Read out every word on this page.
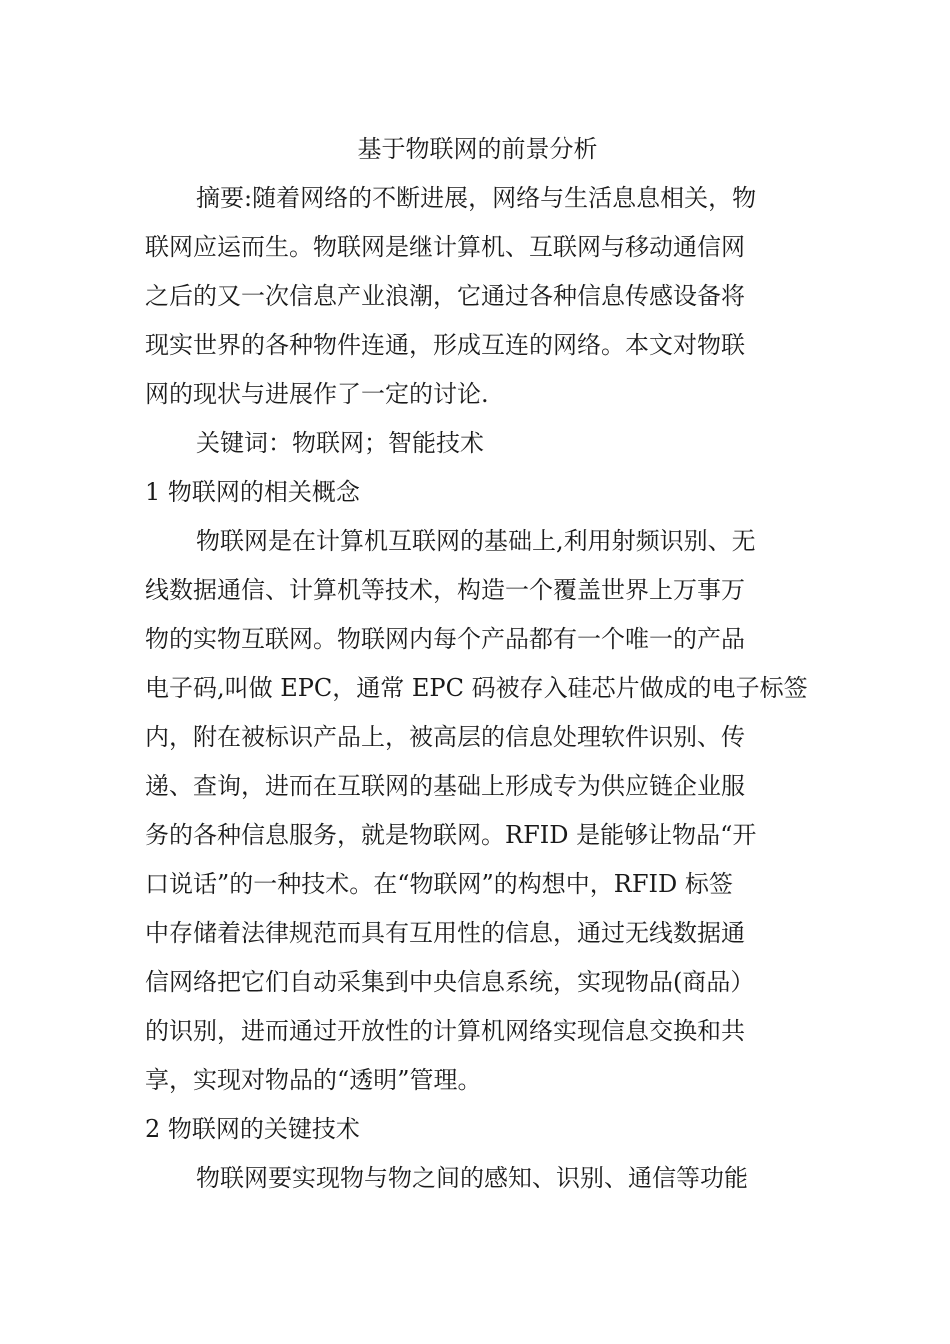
基于物联网的前景分析
摘要:随着网络的不断进展，网络与生活息息相关，物
联网应运而生。物联网是继计算机、互联网与移动通信网
之后的又一次信息产业浪潮，它通过各种信息传感设备将
现实世界的各种物件连通，形成互连的网络。本文对物联
网的现状与进展作了一定的讨论.
关键词：物联网；智能技术
1 物联网的相关概念
物联网是在计算机互联网的基础上,利用射频识别、无
线数据通信、计算机等技术，构造一个覆盖世界上万事万
物的实物互联网。物联网内每个产品都有一个唯一的产品
电子码,叫做 EPC，通常 EPC 码被存入硅芯片做成的电子标签
内，附在被标识产品上，被高层的信息处理软件识别、传
递、查询，进而在互联网的基础上形成专为供应链企业服
务的各种信息服务，就是物联网。RFID 是能够让物品“开
口说话”的一种技术。在“物联网”的构想中，RFID 标签
中存储着法律规范而具有互用性的信息，通过无线数据通
信网络把它们自动采集到中央信息系统，实现物品(商品）
的识别，进而通过开放性的计算机网络实现信息交换和共
享，实现对物品的“透明”管理。
2 物联网的关键技术
物联网要实现物与物之间的感知、识别、通信等功能
